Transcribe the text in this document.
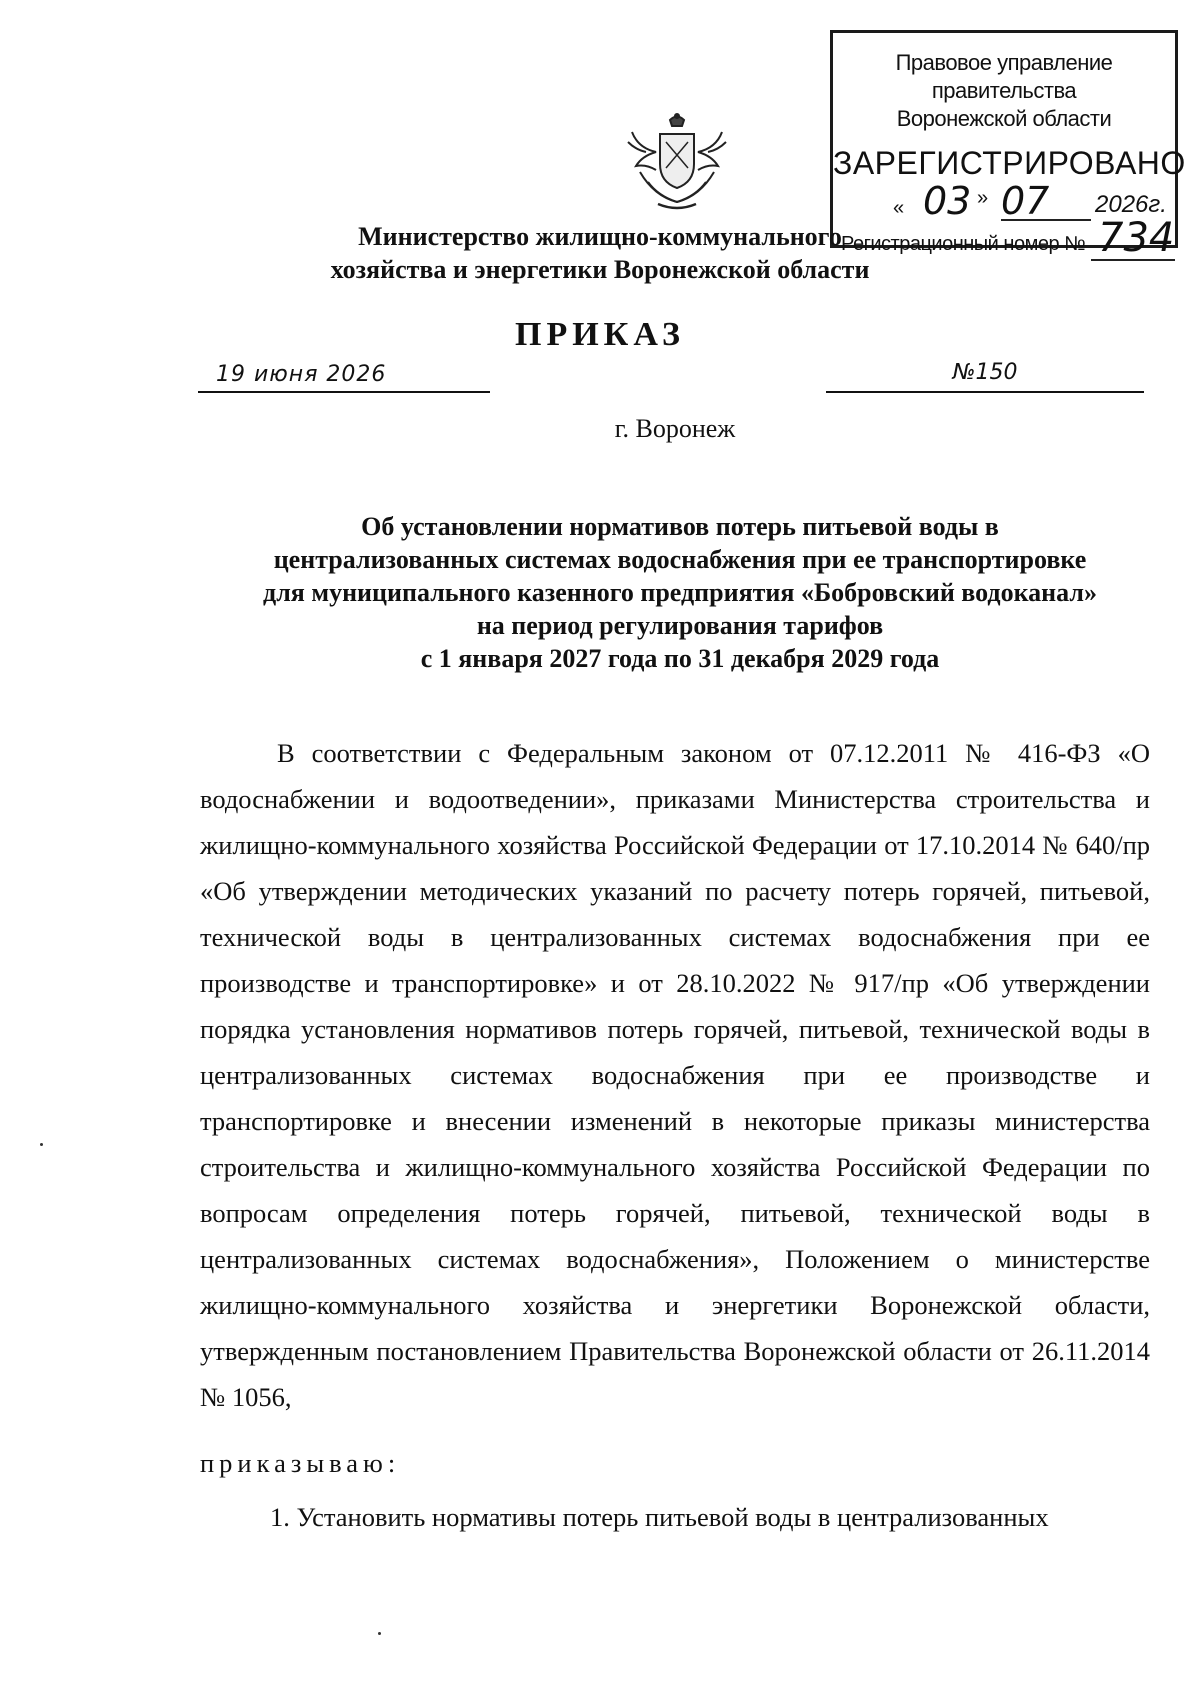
Правовое управление правительства
Воронежской области
ЗАРЕГИСТРИРОВАНО
« 03 » 07 2026г.
Регистрационный номер № 734
Министерство жилищно-коммунального
хозяйства и энергетики Воронежской области
ПРИКАЗ
19 июня 2026	№150
г. Воронеж
Об установлении нормативов потерь питьевой воды в
централизованных системах водоснабжения при ее транспортировке
для муниципального казенного предприятия «Бобровский водоканал»
на период регулирования тарифов
с 1 января 2027 года по 31 декабря 2029 года
В соответствии с Федеральным законом от 07.12.2011 № 416-ФЗ «О водоснабжении и водоотведении», приказами Министерства строительства и жилищно-коммунального хозяйства Российской Федерации от 17.10.2014 № 640/пр «Об утверждении методических указаний по расчету потерь горячей, питьевой, технической воды в централизованных системах водоснабжения при ее производстве и транспортировке» и от 28.10.2022 № 917/пр «Об утверждении порядка установления нормативов потерь горячей, питьевой, технической воды в централизованных системах водоснабжения при ее производстве и транспортировке и внесении изменений в некоторые приказы министерства строительства и жилищно-коммунального хозяйства Российской Федерации по вопросам определения потерь горячей, питьевой, технической воды в централизованных системах водоснабжения», Положением о министерстве жилищно-коммунального хозяйства и энергетики Воронежской области, утвержденным постановлением Правительства Воронежской области от 26.11.2014 № 1056,
приказываю:
1. Установить нормативы потерь питьевой воды в централизованных
